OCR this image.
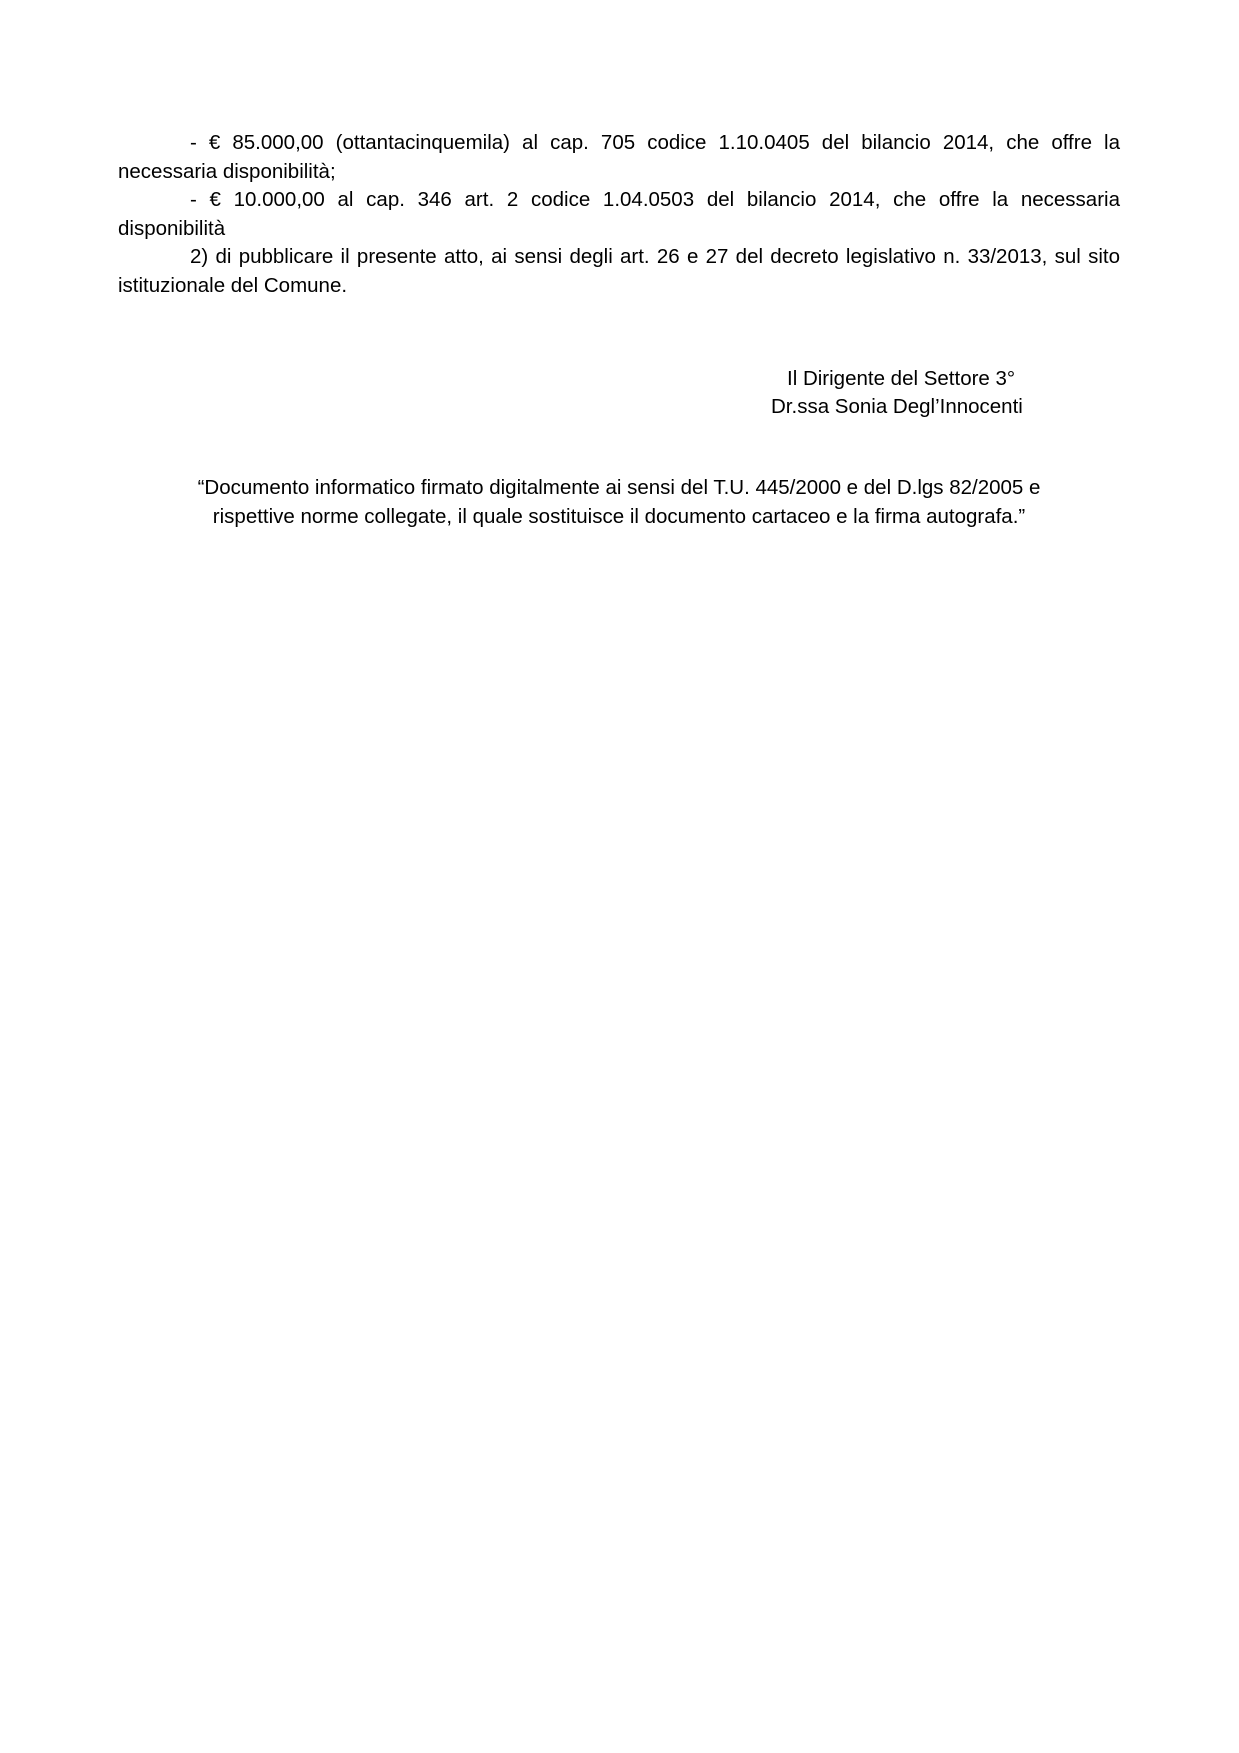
- € 85.000,00 (ottantacinquemila) al cap. 705 codice 1.10.0405 del bilancio 2014, che offre la necessaria disponibilità;

- € 10.000,00 al cap. 346 art. 2 codice 1.04.0503 del bilancio 2014, che offre la necessaria disponibilità

2) di pubblicare il presente atto, ai sensi degli art. 26 e 27 del decreto legislativo n. 33/2013, sul sito istituzionale del Comune.

Il Dirigente del Settore 3°
Dr.ssa Sonia Degl’Innocenti
“Documento informatico firmato digitalmente ai sensi del T.U. 445/2000 e del D.lgs 82/2005 e
rispettive norme collegate, il quale sostituisce il documento cartaceo e la firma autografa.”
